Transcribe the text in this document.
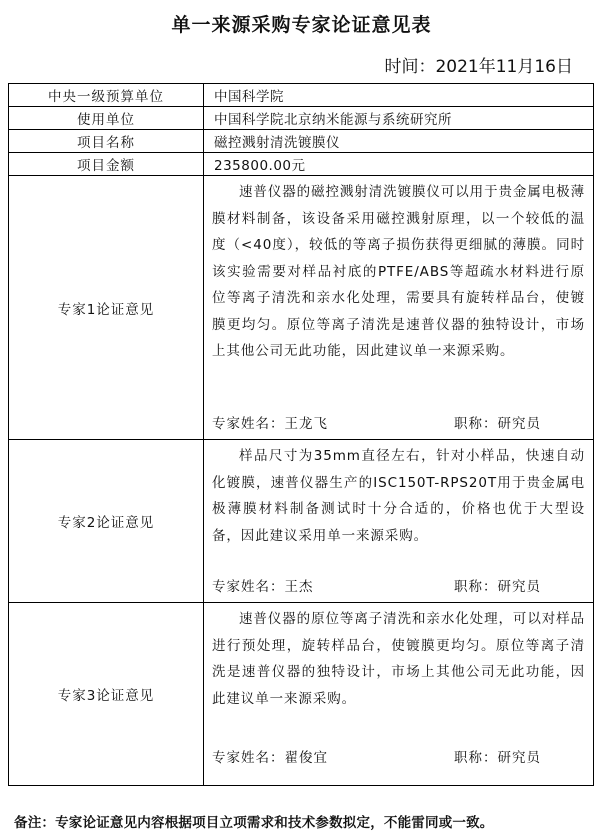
单一来源采购专家论证意见表
时间：2021年11月16日
中央一级预算单位	中国科学院
使用单位	中国科学院北京纳米能源与系统研究所
项目名称	磁控溅射清洗镀膜仪
项目金额	235800.00元
专家1论证意见	速普仪器的磁控溅射清洗镀膜仪可以用于贵金属电极薄膜材料制备，该设备采用磁控溅射原理，以一个较低的温度（<40度），较低的等离子损伤获得更细腻的薄膜。同时该实验需要对样品衬底的PTFE/ABS等超疏水材料进行原位等离子清洗和亲水化处理，需要具有旋转样品台，使镀膜更均匀。原位等离子清洗是速普仪器的独特设计，市场上其他公司无此功能，因此建议单一来源采购。

专家姓名：王龙飞 职称：研究员

专家2论证意见	样品尺寸为35mm直径左右，针对小样品，快速自动化镀膜，速普仪器生产的ISC150T-RPS20T用于贵金属电极薄膜材料制备测试时十分合适的，价格也优于大型设备，因此建议采用单一来源采购。

专家姓名：王杰 职称：研究员

专家3论证意见	速普仪器的原位等离子清洗和亲水化处理，可以对样品进行预处理，旋转样品台，使镀膜更均匀。原位等离子清洗是速普仪器的独特设计，市场上其他公司无此功能，因此建议单一来源采购。

专家姓名：翟俊宜 职称：研究员
备注：专家论证意见内容根据项目立项需求和技术参数拟定，不能雷同或一致。
